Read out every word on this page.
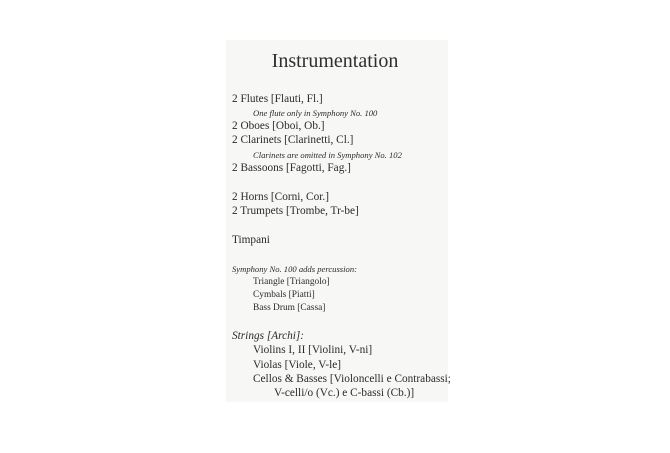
Instrumentation
2 Flutes [Flauti, Fl.]
One flute only in Symphony No. 100
2 Oboes [Oboi, Ob.]
2 Clarinets [Clarinetti, Cl.]
Clarinets are omitted in Symphony No. 102
2 Bassoons [Fagotti, Fag.]
2 Horns [Corni, Cor.]
2 Trumpets [Trombe, Tr-be]
Timpani
Symphony No. 100 adds percussion:
Triangle [Triangolo]
Cymbals [Piatti]
Bass Drum [Cassa]
Strings [Archi]:
Violins I, II [Violini, V-ni]
Violas [Viole, V-le]
Cellos & Basses [Violoncelli e Contrabassi;
V-celli/o (Vc.) e C-bassi (Cb.)]
